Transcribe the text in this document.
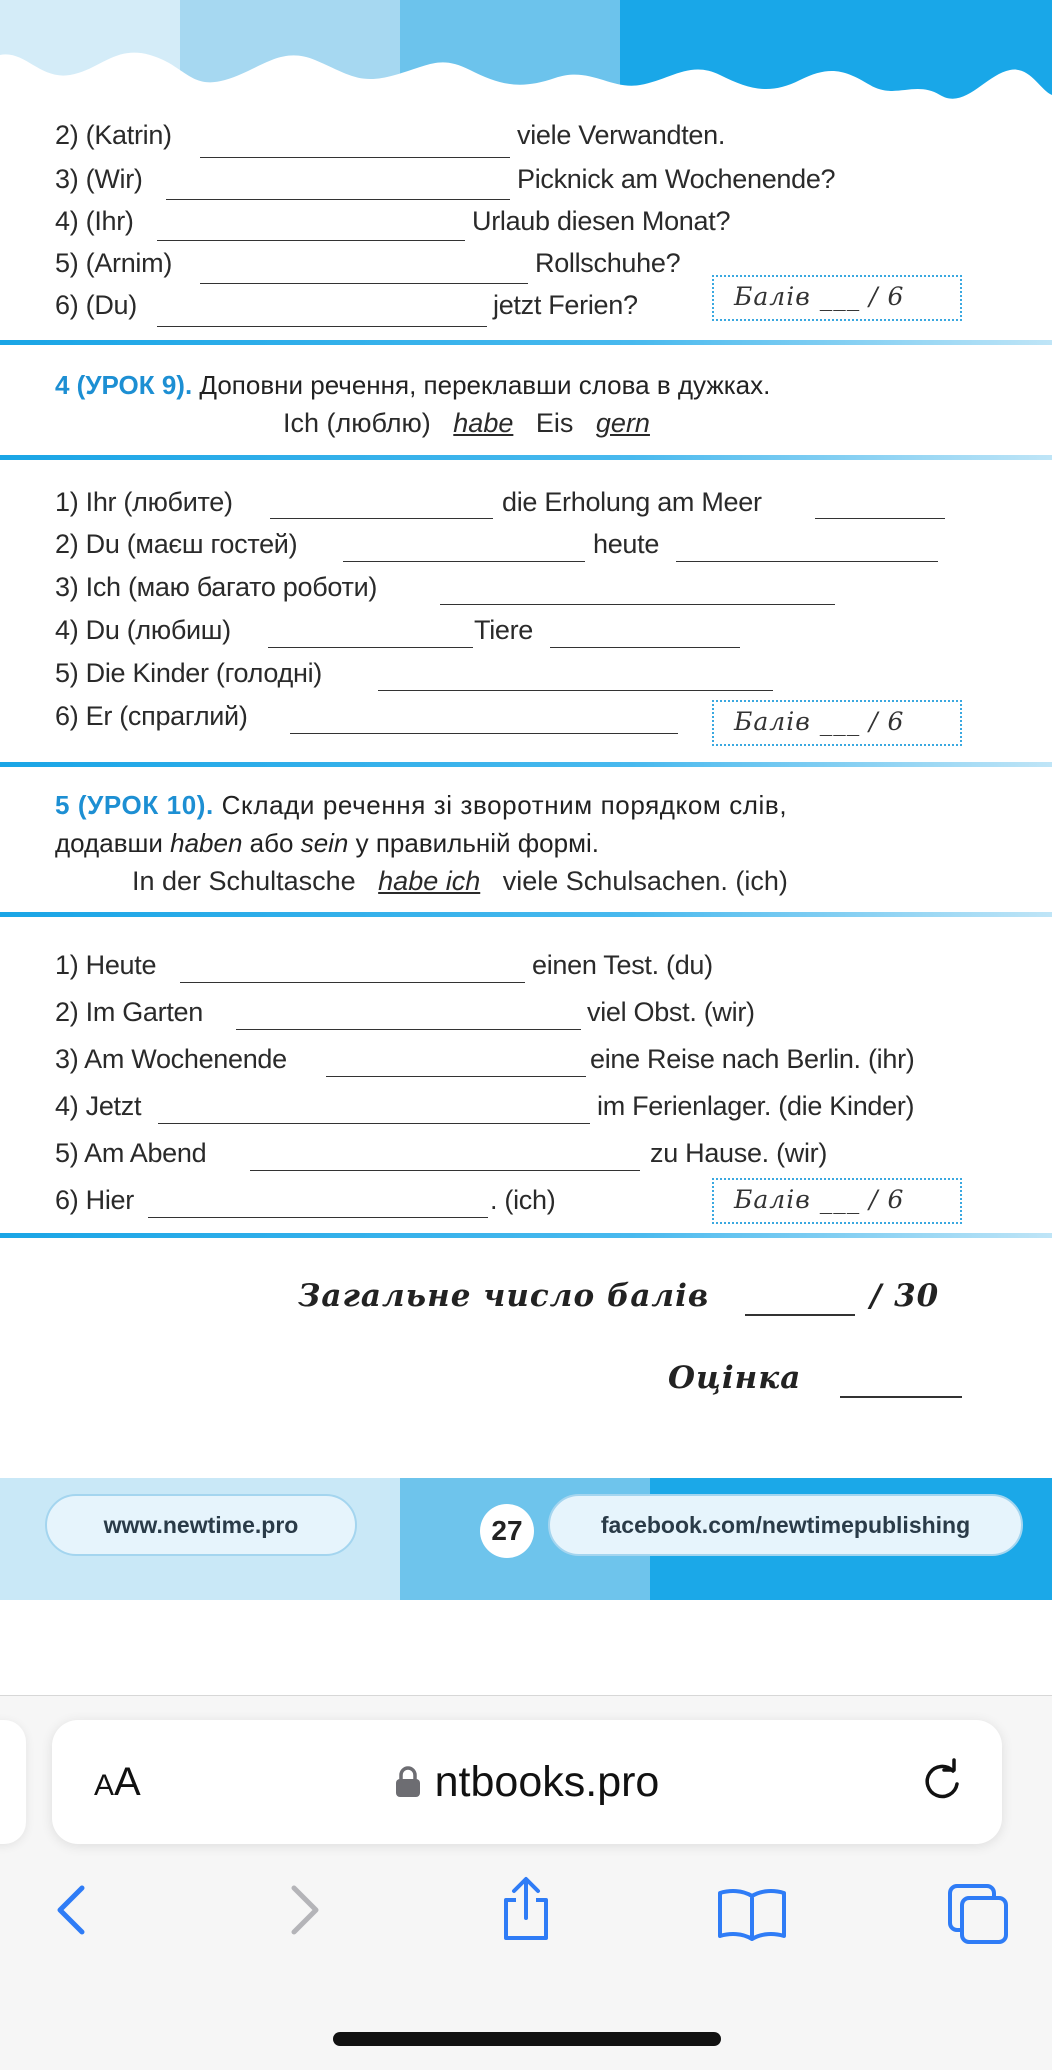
2) (Katrin)	viele Verwandten.
3) (Wir)	Picknick am Wochenende?
4) (Ihr)	Urlaub diesen Monat?
5) (Arnim)	Rollschuhe?
6) (Du)	jetzt Ferien?	Балів ___ / 6
4 (УРОК 9). Доповни речення, переклавши слова в дужках.
Ich (люблю) habe Eis gern
1) Ihr (любите)	die Erholung am Meer
2) Du (маєш гостей)	heute
3) Ich (маю багато роботи)
4) Du (любиш)	Tiere
5) Die Kinder (голодні)
6) Er (спраглий)	Балів ___ / 6
5 (УРОК 10). Склади речення зі зворотним порядком слів,
додавши haben або sein у правильній формі.
In der Schultasche habe ich viele Schulsachen. (ich)
1) Heute	einen Test. (du)
2) Im Garten	viel Obst. (wir)
3) Am Wochenende	eine Reise nach Berlin. (ihr)
4) Jetzt	im Ferienlager. (die Kinder)
5) Am Abend	zu Hause. (wir)
6) Hier	. (ich)	Балів ___ / 6
Загальне число балів	/ 30
Оцінка
www.newtime.pro	27	facebook.com/newtimepublishing
AA	ntbooks.pro
